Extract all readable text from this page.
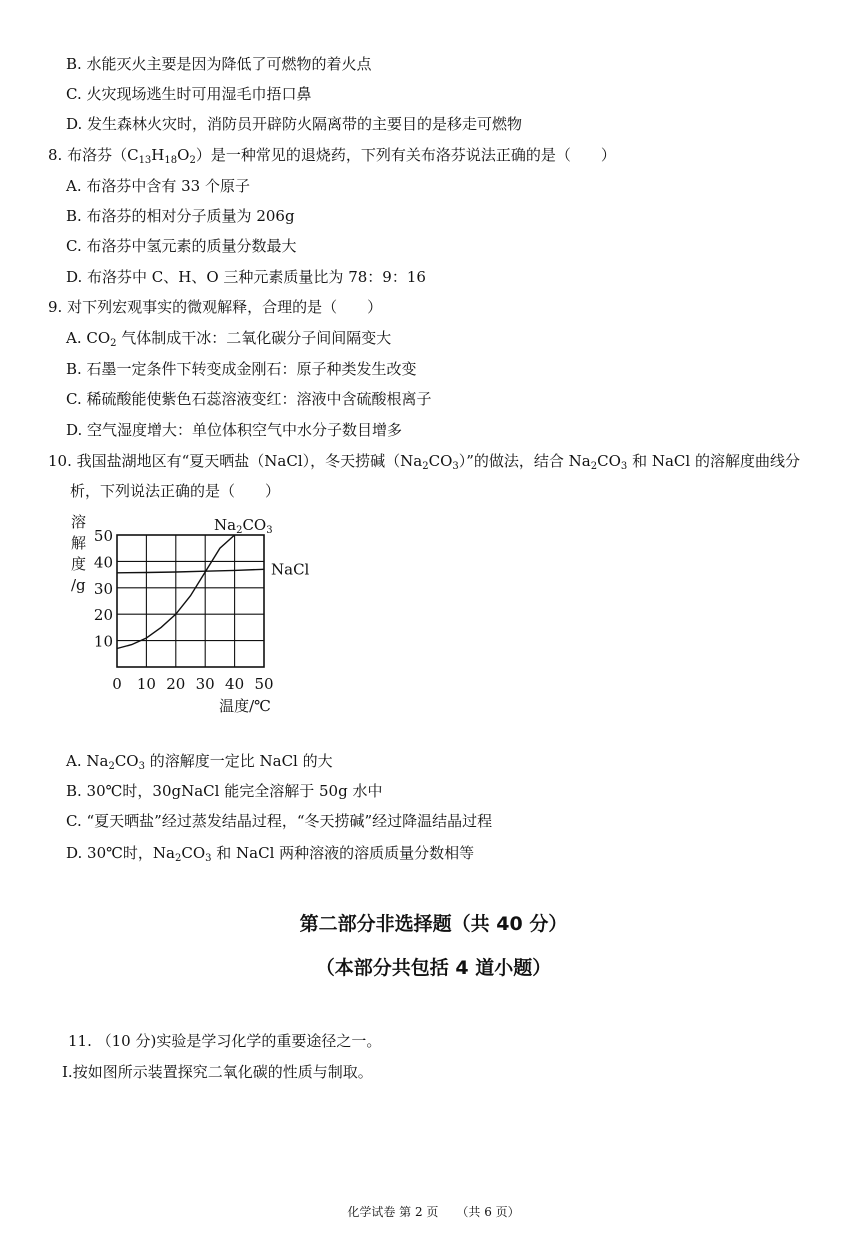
B. 水能灭火主要是因为降低了可燃物的着火点
C. 火灾现场逃生时可用湿毛巾捂口鼻
D. 发生森林火灾时，消防员开辟防火隔离带的主要目的是移走可燃物
8. 布洛芬$(C_{13}H_{18}O_2)$是一种常见的退烧药，下列有关布洛芬说法正确的是（　　）
A. 布洛芬中含有 33 个原子
B. 布洛芬的相对分子质量为 206g
C. 布洛芬中氢元素的质量分数最大
D. 布洛芬中 C、H、O 三种元素质量比为 78：9：16
9. 对下列宏观事实的微观解释，合理的是（　　）
A. $CO_2$ 气体制成干冰：二氧化碳分子间间隔变大
B. 石墨一定条件下转变成金刚石：原子种类发生改变
C. 稀硫酸能使紫色石蕊溶液变红：溶液中含硫酸根离子
D. 空气湿度增大：单位体积空气中水分子数目增多
10. 我国盐湖地区有“夏天晒盐（NaCl），冬天捞碱$(Na_2CO_3)$”的做法，结合 $Na_2CO_3$ 和 NaCl 的溶解度曲线分
析，下列说法正确的是（　　）
溶
解
度
/g
10
20
30
40
50
0 10 20 30 40 50
温度/℃
$Na_2CO_3$
NaCl
A. $Na_2CO_3$ 的溶解度一定比 NaCl 的大
B. 30℃时，30gNaCl 能完全溶解于 50g 水中
C. “夏天晒盐”经过蒸发结晶过程，“冬天捞碱”经过降温结晶过程
D. 30℃时，$Na_2CO_3$ 和 NaCl 两种溶液的溶质质量分数相等
第二部分非选择题（共 40 分）
（本部分共包括 4 道小题）
11. （10 分)实验是学习化学的重要途径之一。
Ⅰ.按如图所示装置探究二氧化碳的性质与制取。
化学试卷 第 2 页　　（共 6 页）
